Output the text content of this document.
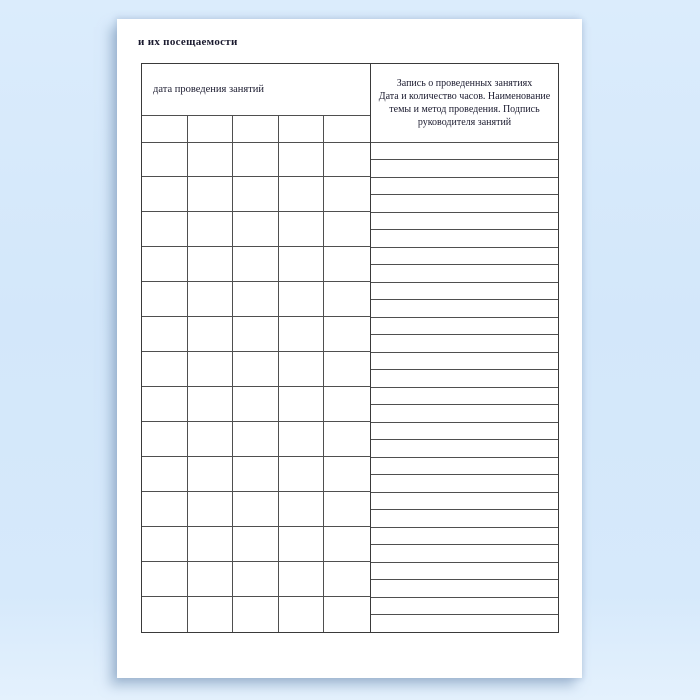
и их посещаемости
дата проведения занятий
Запись о проведенных занятиях
Дата и количество часов. Наименование
темы и метод проведения. Подпись
руководителя занятий
